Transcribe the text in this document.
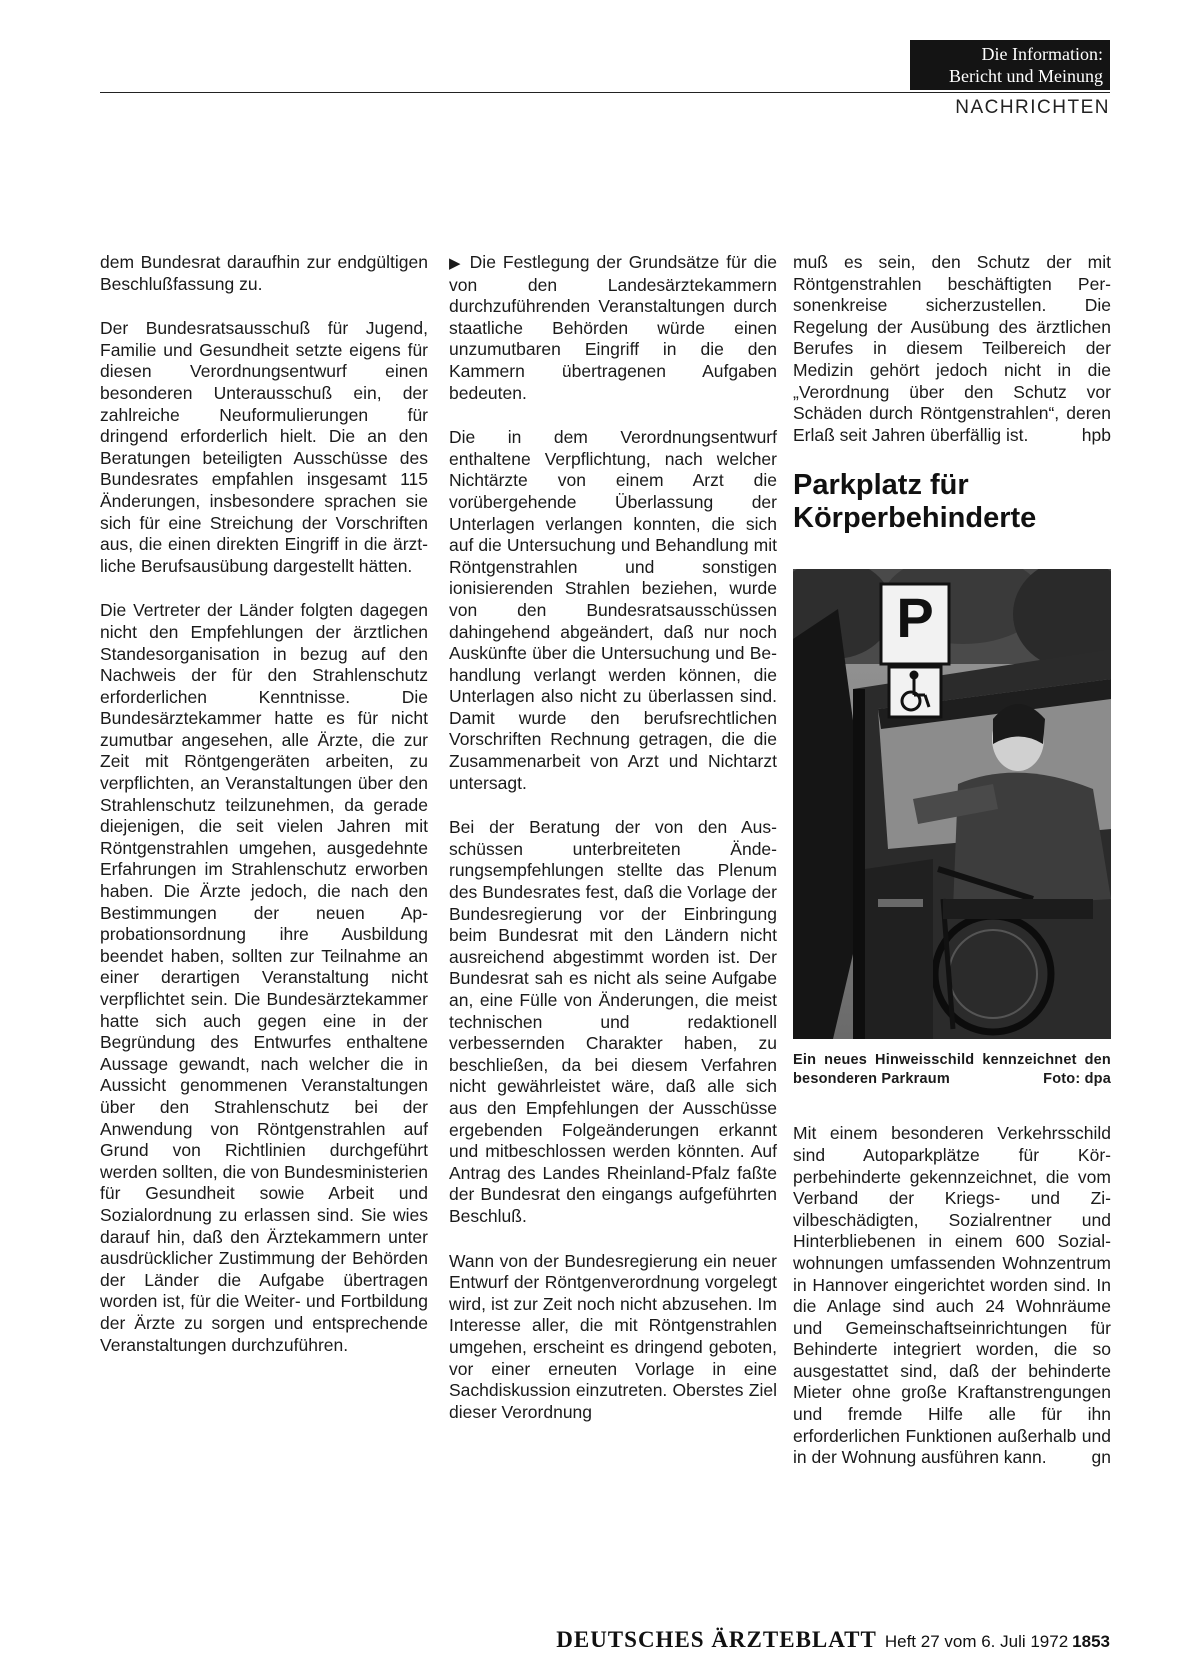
Die Information:
Bericht und Meinung
NACHRICHTEN

dem Bundesrat daraufhin zur endgültigen Beschlußfassung zu.

Der Bundesratsausschuß für Jugend, Familie und Gesundheit setzte eigens für diesen Verordnungsentwurf einen besonderen Unterausschuß ein, der zahlreiche Neuformulierungen für dringend erforderlich hielt. Die an den Beratungen beteiligten Ausschüsse des Bundesrates empfahlen insgesamt 115 Änderungen, insbesondere sprachen sie sich für eine Streichung der Vorschriften aus, die einen direkten Eingriff in die ärztliche Berufsausübung dargestellt hätten.

Die Vertreter der Länder folgten dagegen nicht den Empfehlungen der ärztlichen Standesorganisation in bezug auf den Nachweis der für den Strahlenschutz erforderlichen Kenntnisse. Die Bundesärztekammer hatte es für nicht zumutbar angesehen, alle Ärzte, die zur Zeit mit Röntgengeräten arbeiten, zu verpflichten, an Veranstaltungen über den Strahlenschutz teilzunehmen, da gerade diejenigen, die seit vielen Jahren mit Röntgenstrahlen umgehen, ausgedehnte Erfahrungen im Strahlenschutz erworben haben. Die Ärzte jedoch, die nach den Bestimmungen der neuen Approbationsordnung ihre Ausbildung beendet haben, sollten zur Teilnahme an einer derartigen Veranstaltung nicht verpflichtet sein. Die Bundesärztekammer hatte sich auch gegen eine in der Begründung des Entwurfes enthaltene Aussage gewandt, nach welcher die in Aussicht genommenen Veranstaltungen über den Strahlenschutz bei der Anwendung von Röntgenstrahlen auf Grund von Richtlinien durchgeführt werden sollten, die von Bundesministerien für Gesundheit sowie Arbeit und Sozialordnung zu erlassen sind. Sie wies darauf hin, daß den Ärztekammern unter ausdrücklicher Zustimmung der Behörden der Länder die Aufgabe übertragen worden ist, für die Weiter- und Fortbildung der Ärzte zu sorgen und entsprechende Veranstaltungen durchzuführen.

▶ Die Festlegung der Grundsätze für die von den Landesärztekammern durchzuführenden Veranstaltungen durch staatliche Behörden würde einen unzumutbaren Eingriff in die den Kammern übertragenen Aufgaben bedeuten.

Die in dem Verordnungsentwurf enthaltene Verpflichtung, nach welcher Nichtärzte von einem Arzt die vorübergehende Überlassung der Unterlagen verlangen konnten, die sich auf die Untersuchung und Behandlung mit Röntgenstrahlen und sonstigen ionisierenden Strahlen beziehen, wurde von den Bundesratsausschüssen dahingehend abgeändert, daß nur noch Auskünfte über die Untersuchung und Behandlung verlangt werden können, die Unterlagen also nicht zu überlassen sind. Damit wurde den berufsrechtlichen Vorschriften Rechnung getragen, die die Zusammenarbeit von Arzt und Nichtarzt untersagt.

Bei der Beratung der von den Ausschüssen unterbreiteten Änderungsempfehlungen stellte das Plenum des Bundesrates fest, daß die Vorlage der Bundesregierung vor der Einbringung beim Bundesrat mit den Ländern nicht ausreichend abgestimmt worden ist. Der Bundesrat sah es nicht als seine Aufgabe an, eine Fülle von Änderungen, die meist technischen und redaktionell verbessernden Charakter haben, zu beschließen, da bei diesem Verfahren nicht gewährleistet wäre, daß alle sich aus den Empfehlungen der Ausschüsse ergebenden Folgeänderungen erkannt und mitbeschlossen werden könnten. Auf Antrag des Landes Rheinland-Pfalz faßte der Bundesrat den eingangs aufgeführten Beschluß.

Wann von der Bundesregierung ein neuer Entwurf der Röntgenverordnung vorgelegt wird, ist zur Zeit noch nicht abzusehen. Im Interesse aller, die mit Röntgenstrahlen umgehen, erscheint es dringend geboten, vor einer erneuten Vorlage in eine Sachdiskussion einzutreten. Oberstes Ziel dieser Verordnung

muß es sein, den Schutz der mit Röntgenstrahlen beschäftigten Personenkreise sicherzustellen. Die Regelung der Ausübung des ärztlichen Berufes in diesem Teilbereich der Medizin gehört jedoch nicht in die „Verordnung über den Schutz vor Schäden durch Röntgenstrahlen“, deren Erlaß seit Jahren überfällig ist.	hpb

Parkplatz für
Körperbehinderte
P
Ein neues Hinweisschild kennzeichnet den besonderen Parkraum	Foto: dpa

Mit einem besonderen Verkehrsschild sind Autoparkplätze für Körperbehinderte gekennzeichnet, die vom Verband der Kriegs- und Zivilbeschädigten, Sozialrentner und Hinterbliebenen in einem 600 Sozialwohnungen umfassenden Wohnzentrum in Hannover eingerichtet worden sind. In die Anlage sind auch 24 Wohnräume und Gemeinschaftseinrichtungen für Behinderte integriert worden, die so ausgestattet sind, daß der behinderte Mieter ohne große Kraftanstrengungen und fremde Hilfe alle für ihn erforderlichen Funktionen außerhalb und in der Wohnung ausführen kann.	gn

DEUTSCHES ÄRZTEBLATT Heft 27 vom 6. Juli 1972 1853
